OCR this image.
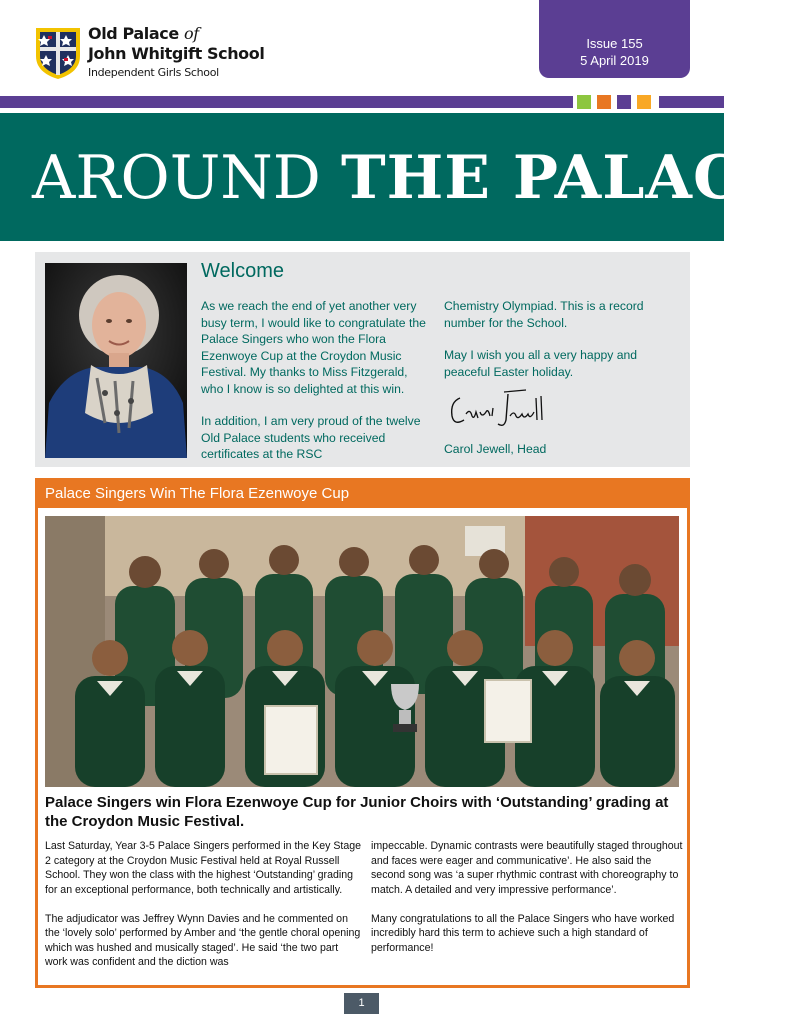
Old Palace of
John Whitgift School
Independent Girls School
Issue 155
5 April 2019
AROUND THE PALACE
Welcome

As we reach the end of yet another very busy term, I would like to congratulate the Palace Singers who won the Flora Ezenwoye Cup at the Croydon Music Festival. My thanks to Miss Fitzgerald, who I know is so delighted at this win.

In addition, I am very proud of the twelve Old Palace students who received certificates at the RSC

Chemistry Olympiad. This is a record number for the School.

May I wish you all a very happy and peaceful Easter holiday.

Carol Jewell, Head
Palace Singers Win The Flora Ezenwoye Cup
Palace Singers win Flora Ezenwoye Cup for Junior Choirs with ‘Outstanding’ grading at the Croydon Music Festival.

Last Saturday, Year 3-5 Palace Singers performed in the Key Stage 2 category at the Croydon Music Festival held at Royal Russell School. They won the class with the highest ‘Outstanding’ grading for an exceptional performance, both technically and artistically.

The adjudicator was Jeffrey Wynn Davies and he commented on the ‘lovely solo’ performed by Amber and ‘the gentle choral opening which was hushed and musically staged’. He said ‘the two part work was confident and the diction was

impeccable. Dynamic contrasts were beautifully staged throughout and faces were eager and communicative’. He also said the second song was ‘a super rhythmic contrast with choreography to match. A detailed and very impressive performance’.

Many congratulations to all the Palace Singers who have worked incredibly hard this term to achieve such a high standard of performance!

1
